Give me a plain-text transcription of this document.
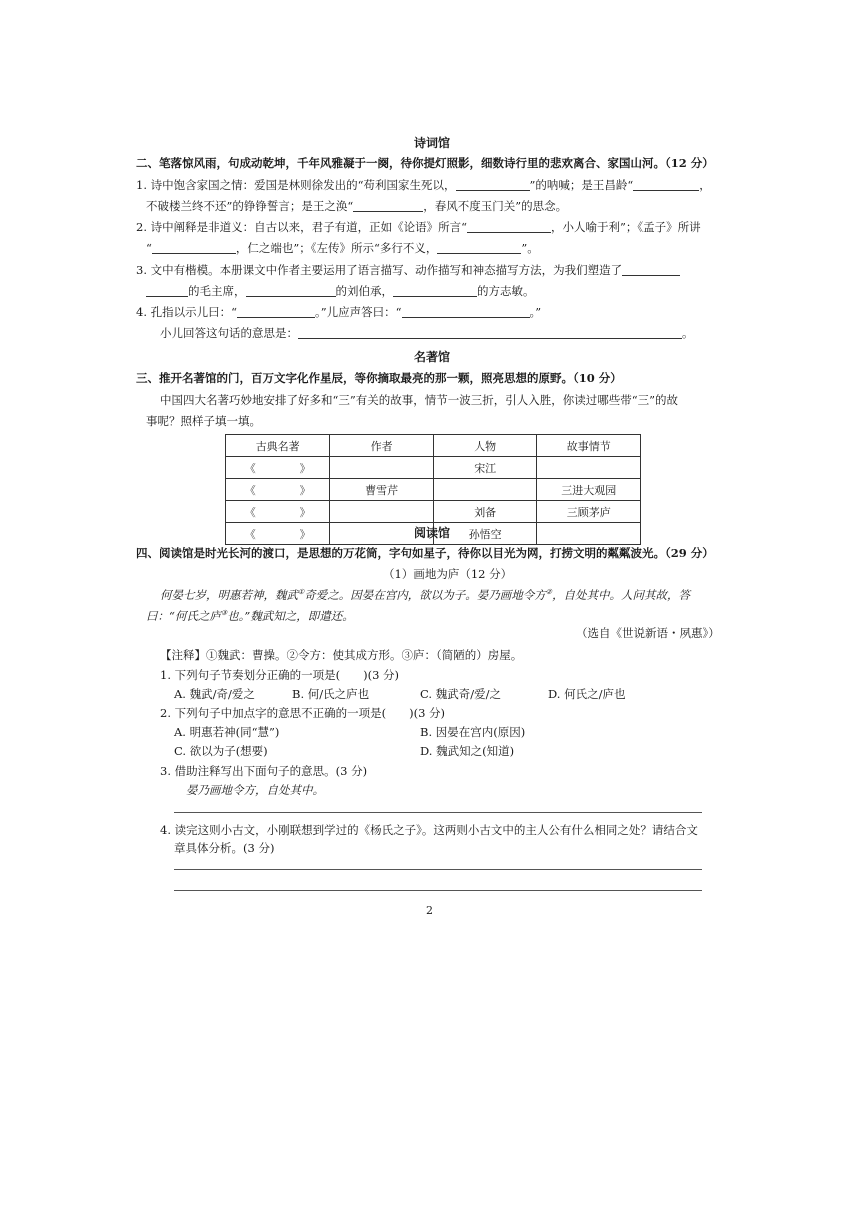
诗词馆
二、笔落惊风雨，句成动乾坤，千年风雅凝于一阕，待你提灯照影，细数诗行里的悲欢离合、家国山河。（12 分）
1. 诗中饱含家国之情：爱国是林则徐发出的“苟利国家生死以，	”的呐喊；是王昌龄“	，
不破楼兰终不还”的铮铮誓言；是王之涣“	，春风不度玉门关”的思念。
2. 诗中阐释是非道义：自古以来，君子有道，正如《论语》所言“	，小人喻于利”；《孟子》所讲
“	，仁之端也”；《左传》所示“多行不义，	”。
3. 文中有楷模。本册课文中作者主要运用了语言描写、动作描写和神态描写方法，为我们塑造了
的毛主席，	的刘伯承，	的方志敏。
4. 孔指以示儿曰：“	。”儿应声答曰：“	。”
小儿回答这句话的意思是：	。
名著馆
三、推开名著馆的门，百万文字化作星辰，等你摘取最亮的那一颗，照亮思想的原野。（10 分）
中国四大名著巧妙地安排了好多和“三”有关的故事，情节一波三折，引人入胜，你读过哪些带“三”的故
事呢？照样子填一填。
古典名著	作者	人物	故事情节
《　　　　》		宋江	
《　　　　》	曹雪芹		三进大观园
《　　　　》		刘备	三顾茅庐
《　　　　》		孙悟空	
阅读馆
四、阅读馆是时光长河的渡口，是思想的万花筒，字句如星子，待你以目光为网，打捞文明的粼粼波光。（29 分）
（1）画地为庐（12 分）
何晏七岁，明惠若神，魏武①奇爱之。因晏在宫内，欲以为子。晏乃画地令方②，自处其中。人问其故，答
曰：“何氏之庐③也。”魏武知之，即遣还。
（选自《世说新语・夙惠》）
【注释】①魏武：曹操。②令方：使其成方形。③庐：（简陋的）房屋。
1. 下列句子节奏划分正确的一项是(　　)(3 分)
A. 魏武/奇/爱之	B. 何/氏之庐也	C. 魏武奇/爱/之	D. 何氏之/庐也
2. 下列句子中加点字的意思不正确的一项是(　　)(3 分)
A. 明惠若神(同“慧”)	B. 因晏在宫内(原因)
C. 欲以为子(想要)	D. 魏武知之(知道)
3. 借助注释写出下面句子的意思。(3 分)
晏乃画地令方，自处其中。
4. 读完这则小古文，小刚联想到学过的《杨氏之子》。这两则小古文中的主人公有什么相同之处？请结合文
章具体分析。(3 分)
2
